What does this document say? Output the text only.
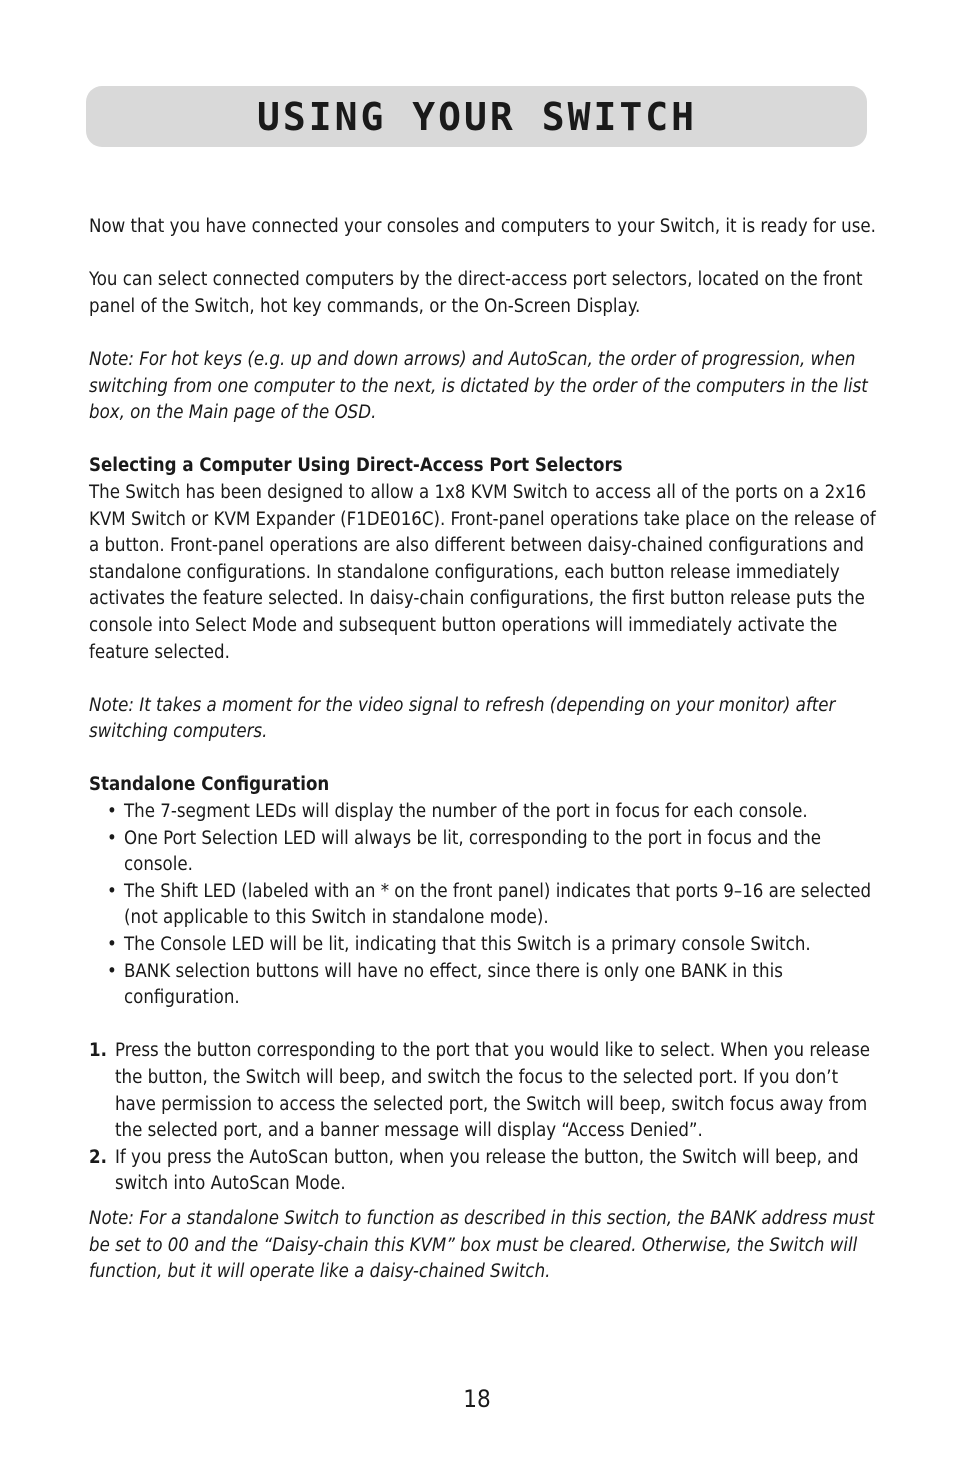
USING YOUR SWITCH

Now that you have connected your consoles and computers to your Switch, it is ready for use.

You can select connected computers by the direct-access port selectors, located on the front panel of the Switch, hot key commands, or the On-Screen Display.

Note: For hot keys (e.g. up and down arrows) and AutoScan, the order of progression, when switching from one computer to the next, is dictated by the order of the computers in the list box, on the Main page of the OSD.

Selecting a Computer Using Direct-Access Port Selectors
The Switch has been designed to allow a 1x8 KVM Switch to access all of the ports on a 2x16 KVM Switch or KVM Expander (F1DE016C). Front-panel operations take place on the release of a button. Front-panel operations are also different between daisy-chained configurations and standalone configurations. In standalone configurations, each button release immediately activates the feature selected. In daisy-chain configurations, the first button release puts the console into Select Mode and subsequent button operations will immediately activate the feature selected.

Note: It takes a moment for the video signal to refresh (depending on your monitor) after switching computers.

Standalone Configuration

• The 7-segment LEDs will display the number of the port in focus for each console.
• One Port Selection LED will always be lit, corresponding to the port in focus and the console.
• The Shift LED (labeled with an * on the front panel) indicates that ports 9–16 are selected (not applicable to this Switch in standalone mode).
• The Console LED will be lit, indicating that this Switch is a primary console Switch.
• BANK selection buttons will have no effect, since there is only one BANK in this configuration.
1. Press the button corresponding to the port that you would like to select. When you release the button, the Switch will beep, and switch the focus to the selected port. If you don’t have permission to access the selected port, the Switch will beep, switch focus away from the selected port, and a banner message will display “Access Denied”.
2. If you press the AutoScan button, when you release the button, the Switch will beep, and switch into AutoScan Mode.

Note: For a standalone Switch to function as described in this section, the BANK address must be set to 00 and the “Daisy-chain this KVM” box must be cleared. Otherwise, the Switch will function, but it will operate like a daisy-chained Switch.

18
